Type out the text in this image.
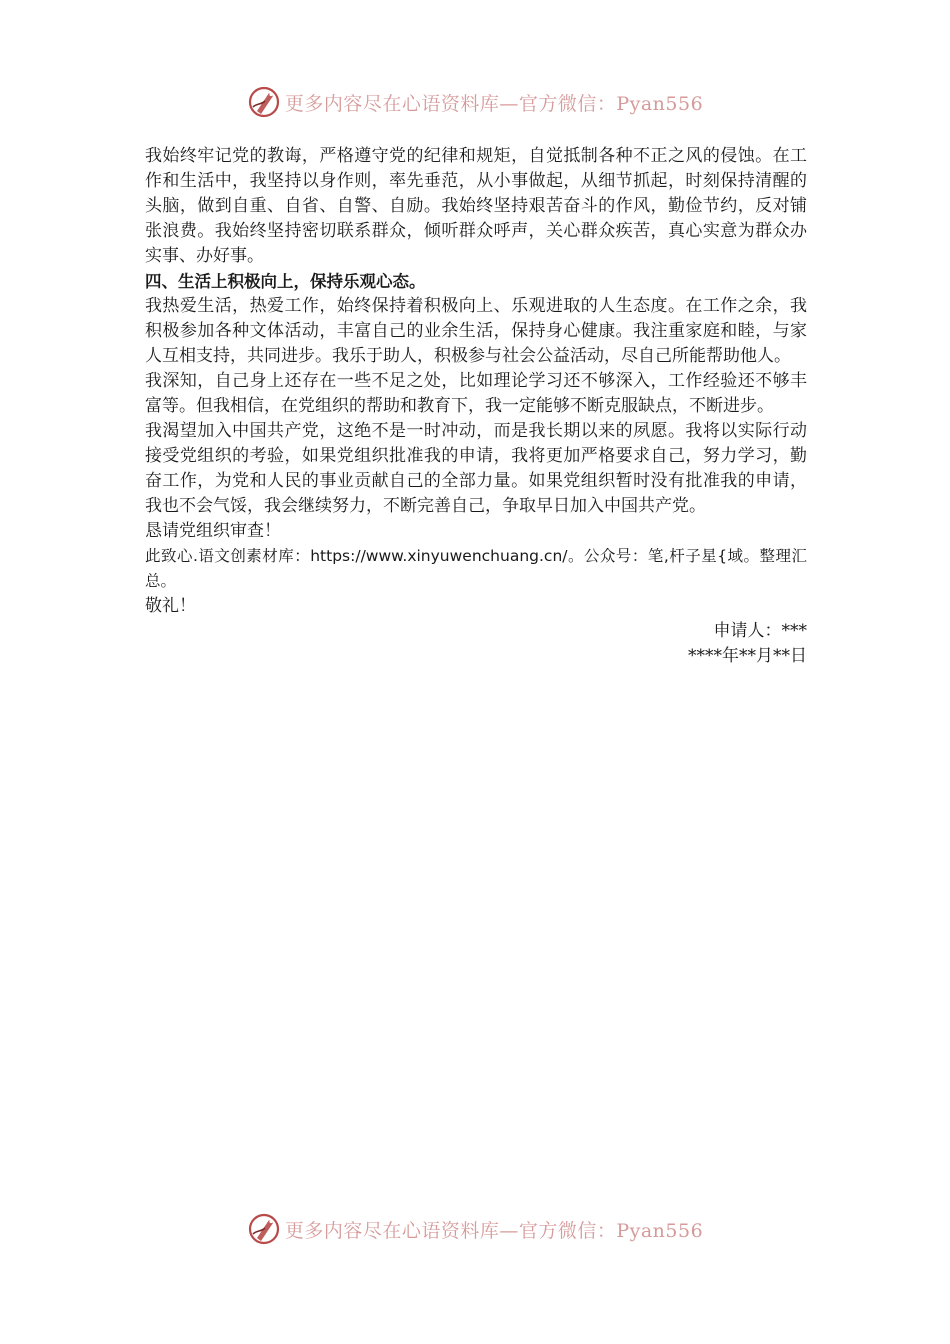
更多内容尽在心语资料库—官方微信：Pyan556

我始终牢记党的教诲，严格遵守党的纪律和规矩，自觉抵制各种不正之风的侵蚀。在工作和生活中，我坚持以身作则，率先垂范，从小事做起，从细节抓起，时刻保持清醒的头脑，做到自重、自省、自警、自励。我始终坚持艰苦奋斗的作风，勤俭节约，反对铺张浪费。我始终坚持密切联系群众，倾听群众呼声，关心群众疾苦，真心实意为群众办实事、办好事。

四、生活上积极向上，保持乐观心态。

我热爱生活，热爱工作，始终保持着积极向上、乐观进取的人生态度。在工作之余，我积极参加各种文体活动，丰富自己的业余生活，保持身心健康。我注重家庭和睦，与家人互相支持，共同进步。我乐于助人，积极参与社会公益活动，尽自己所能帮助他人。

我深知，自己身上还存在一些不足之处，比如理论学习还不够深入，工作经验还不够丰富等。但我相信，在党组织的帮助和教育下，我一定能够不断克服缺点，不断进步。

我渴望加入中国共产党，这绝不是一时冲动，而是我长期以来的夙愿。我将以实际行动接受党组织的考验，如果党组织批准我的申请，我将更加严格要求自己，努力学习，勤奋工作，为党和人民的事业贡献自己的全部力量。如果党组织暂时没有批准我的申请，我也不会气馁，我会继续努力，不断完善自己，争取早日加入中国共产党。

恳请党组织审查！

此致心.语文创素材库：https://www.xinyuwenchuang.cn/。公众号：笔,杆子星{域。整理汇总。

敬礼！

申请人：***

****年**月**日

更多内容尽在心语资料库—官方微信：Pyan556
